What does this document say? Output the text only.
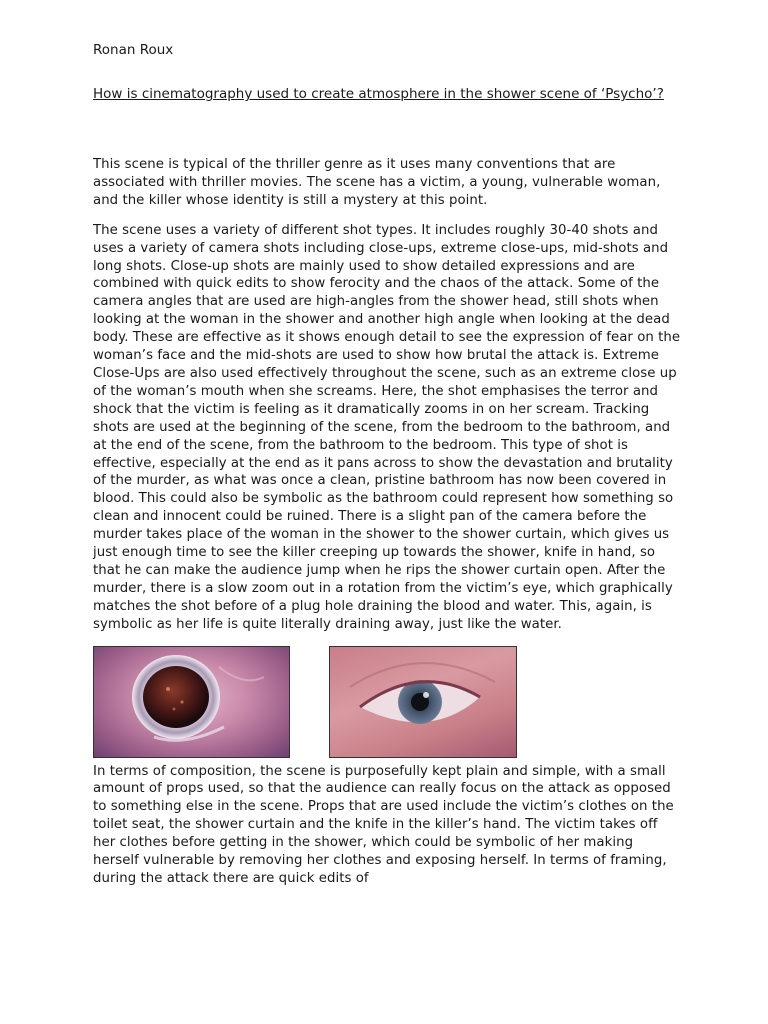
Ronan Roux

How is cinematography used to create atmosphere in the shower scene of ‘Psycho’?

This scene is typical of the thriller genre as it uses many conventions that are associated with thriller movies. The scene has a victim, a young, vulnerable woman, and the killer whose identity is still a mystery at this point.

The scene uses a variety of different shot types. It includes roughly 30-40 shots and uses a variety of camera shots including close-ups, extreme close-ups, mid-shots and long shots. Close-up shots are mainly used to show detailed expressions and are combined with quick edits to show ferocity and the chaos of the attack. Some of the camera angles that are used are high-angles from the shower head, still shots when looking at the woman in the shower and another high angle when looking at the dead body. These are effective as it shows enough detail to see the expression of fear on the woman’s face and the mid-shots are used to show how brutal the attack is. Extreme Close-Ups are also used effectively throughout the scene, such as an extreme close up of the woman’s mouth when she screams. Here, the shot emphasises the terror and shock that the victim is feeling as it dramatically zooms in on her scream. Tracking shots are used at the beginning of the scene, from the bedroom to the bathroom, and at the end of the scene, from the bathroom to the bedroom. This type of shot is effective, especially at the end as it pans across to show the devastation and brutality of the murder, as what was once a clean, pristine bathroom has now been covered in blood. This could also be symbolic as the bathroom could represent how something so clean and innocent could be ruined. There is a slight pan of the camera before the murder takes place of the woman in the shower to the shower curtain, which gives us just enough time to see the killer creeping up towards the shower, knife in hand, so that he can make the audience jump when he rips the shower curtain open. After the murder, there is a slow zoom out in a rotation from the victim’s eye, which graphically matches the shot before of a plug hole draining the blood and water. This, again, is symbolic as her life is quite literally draining away, just like the water.

In terms of composition, the scene is purposefully kept plain and simple, with a small amount of props used, so that the audience can really focus on the attack as opposed to something else in the scene. Props that are used include the victim’s clothes on the toilet seat, the shower curtain and the knife in the killer’s hand. The victim takes off her clothes before getting in the shower, which could be symbolic of her making herself vulnerable by removing her clothes and exposing herself. In terms of framing, during the attack there are quick edits of
